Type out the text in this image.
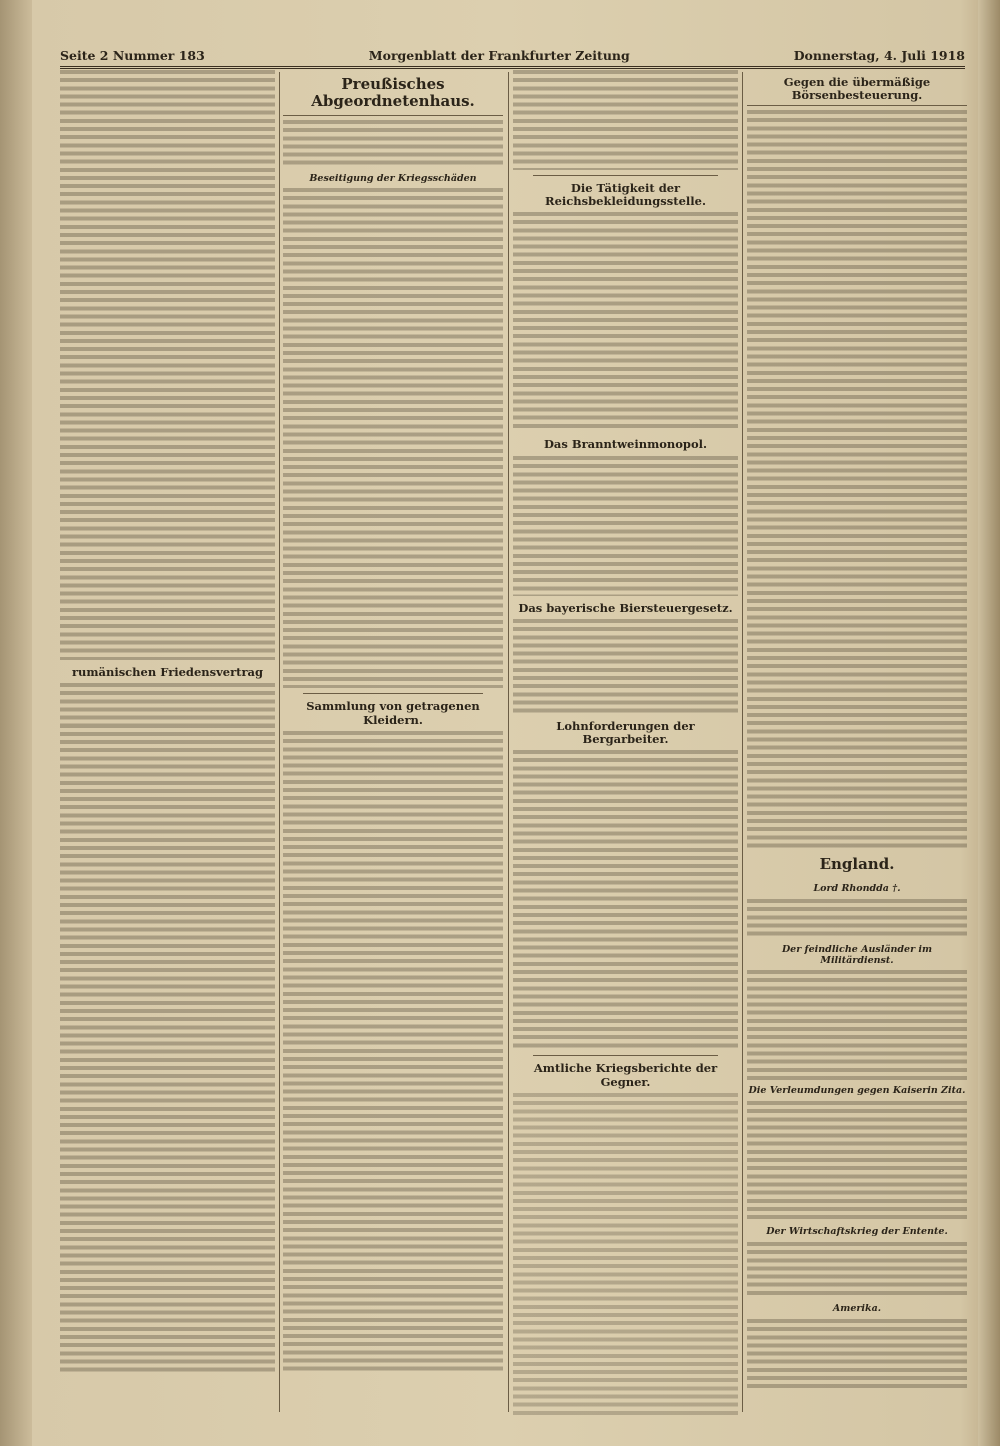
Seite 2 Nummer 183	Morgenblatt der Frankfurter Zeitung	Donnerstag, 4. Juli 1918
rumänischen Friedensvertrag
Preußisches Abgeordnetenhaus.
Beseitigung der Kriegsschäden
Sammlung von getragenen Kleidern.
Die Tätigkeit der Reichsbekleidungsstelle.
Das Branntweinmonopol.
Das bayerische Biersteuergesetz.
Lohnforderungen der Bergarbeiter.
Amtliche Kriegsberichte der Gegner.
Gegen die übermäßige Börsenbesteuerung.
England.
Lord Rhondda †.
Der feindliche Ausländer im Militärdienst.
Die Verleumdungen gegen Kaiserin Zita.
Der Wirtschaftskrieg der Entente.
Amerika.
